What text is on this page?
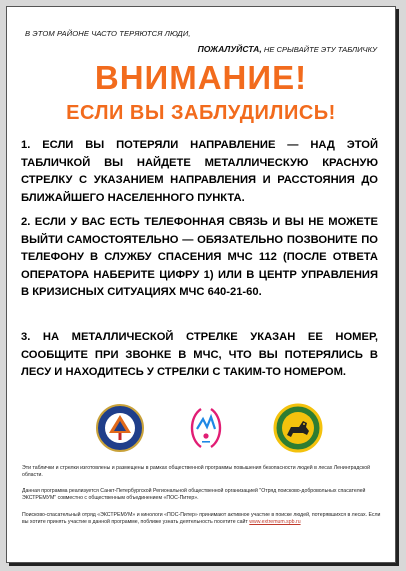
В ЭТОМ РАЙОНЕ ЧАСТО ТЕРЯЮТСЯ ЛЮДИ,
ПОЖАЛУЙСТА, НЕ СРЫВАЙТЕ ЭТУ ТАБЛИЧКУ
ВНИМАНИЕ!
ЕСЛИ ВЫ ЗАБЛУДИЛИСЬ!
1. ЕСЛИ ВЫ ПОТЕРЯЛИ НАПРАВЛЕНИЕ — НАД ЭТОЙ ТАБЛИЧКОЙ ВЫ НАЙДЕТЕ МЕТАЛЛИЧЕСКУЮ КРАСНУЮ СТРЕЛКУ С УКАЗАНИЕМ НАПРАВЛЕНИЯ И РАССТОЯНИЯ ДО БЛИЖАЙШЕГО НАСЕЛЕННОГО ПУНКТА.
2. ЕСЛИ У ВАС ЕСТЬ ТЕЛЕФОННАЯ СВЯЗЬ И ВЫ НЕ МОЖЕТЕ ВЫЙТИ САМОСТОЯТЕЛЬНО — ОБЯЗАТЕЛЬНО ПОЗВОНИТЕ ПО ТЕЛЕФОНУ В СЛУЖБУ СПАСЕНИЯ МЧС 112 (ПОСЛЕ ОТВЕТА ОПЕРАТОРА НАБЕРИТЕ ЦИФРУ 1) ИЛИ В ЦЕНТР УПРАВЛЕНИЯ В КРИЗИСНЫХ СИТУАЦИЯХ МЧС 640-21-60.
3. НА МЕТАЛЛИЧЕСКОЙ СТРЕЛКЕ УКАЗАН ЕЕ НОМЕР, СООБЩИТЕ ПРИ ЗВОНКЕ В МЧС, ЧТО ВЫ ПОТЕРЯЛИСЬ В ЛЕСУ И НАХОДИТЕСЬ У СТРЕЛКИ С ТАКИМ-ТО НОМЕРОМ.
Эти таблички и стрелки изготовлены и размещены в рамках общественной программы повышения безопасности людей в лесах Ленинградской области.
Данная программа реализуется Санкт-Петербургской Региональной общественной организацией "Отряд поисково-добровольных спасателей ЭКСТРЕМУМ" совместно с общественным объединением «ПОС-Питер».
Поисково-спасательный отряд «ЭКСТРЕМУМ» и кинологи «ПОС-Питер» принимают активное участие в поиске людей, потерявшихся в лесах. Если вы хотите принять участие в данной программе, поближе узнать деятельность посетите сайт www.extremum.spb.ru
